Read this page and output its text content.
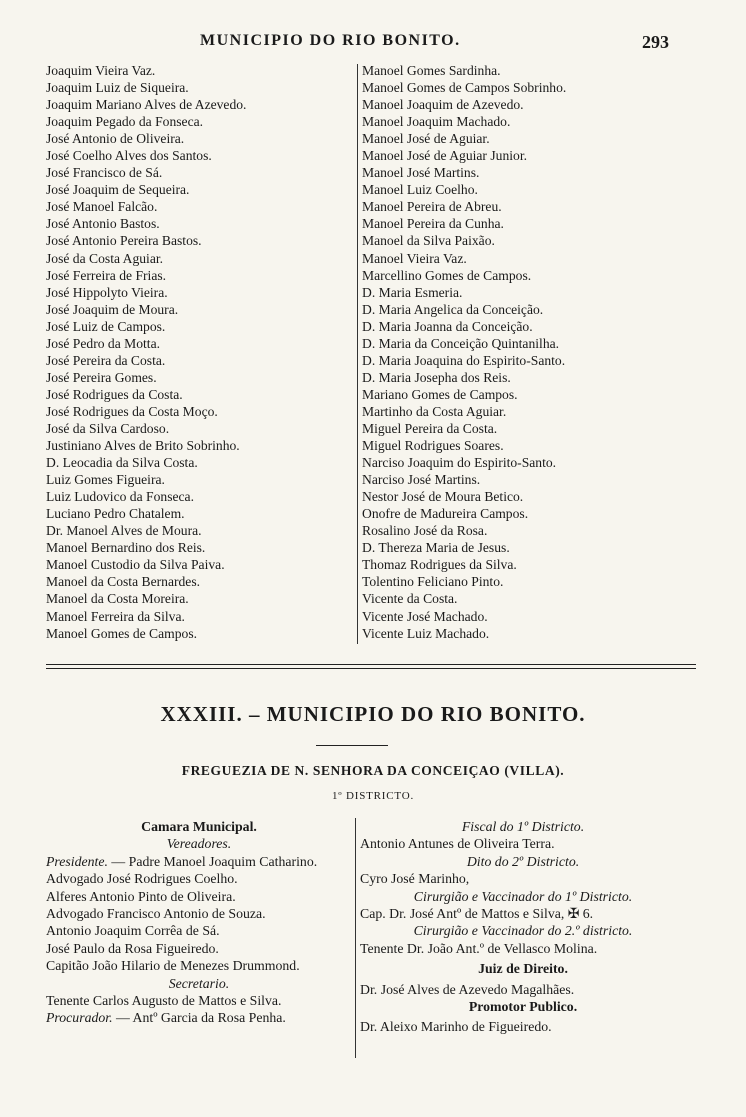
MUNICIPIO DO RIO BONITO.	293
Joaquim Vieira Vaz.
Joaquim Luiz de Siqueira.
Joaquim Mariano Alves de Azevedo.
Joaquim Pegado da Fonseca.
José Antonio de Oliveira.
José Coelho Alves dos Santos.
José Francisco de Sá.
José Joaquim de Sequeira.
José Manoel Falcão.
José Antonio Bastos.
José Antonio Pereira Bastos.
José da Costa Aguiar.
José Ferreira de Frias.
José Hippolyto Vieira.
José Joaquim de Moura.
José Luiz de Campos.
José Pedro da Motta.
José Pereira da Costa.
José Pereira Gomes.
José Rodrigues da Costa.
José Rodrigues da Costa Moço.
José da Silva Cardoso.
Justiniano Alves de Brito Sobrinho.
D. Leocadia da Silva Costa.
Luiz Gomes Figueira.
Luiz Ludovico da Fonseca.
Luciano Pedro Chatalem.
Dr. Manoel Alves de Moura.
Manoel Bernardino dos Reis.
Manoel Custodio da Silva Paiva.
Manoel da Costa Bernardes.
Manoel da Costa Moreira.
Manoel Ferreira da Silva.
Manoel Gomes de Campos.
Manoel Gomes Sardinha.
Manoel Gomes de Campos Sobrinho.
Manoel Joaquim de Azevedo.
Manoel Joaquim Machado.
Manoel José de Aguiar.
Manoel José de Aguiar Junior.
Manoel José Martins.
Manoel Luiz Coelho.
Manoel Pereira de Abreu.
Manoel Pereira da Cunha.
Manoel da Silva Paixão.
Manoel Vieira Vaz.
Marcellino Gomes de Campos.
D. Maria Esmeria.
D. Maria Angelica da Conceição.
D. Maria Joanna da Conceição.
D. Maria da Conceição Quintanilha.
D. Maria Joaquina do Espirito-Santo.
D. Maria Josepha dos Reis.
Mariano Gomes de Campos.
Martinho da Costa Aguiar.
Miguel Pereira da Costa.
Miguel Rodrigues Soares.
Narciso Joaquim do Espirito-Santo.
Narciso José Martins.
Nestor José de Moura Betico.
Onofre de Madureira Campos.
Rosalino José da Rosa.
D. Thereza Maria de Jesus.
Thomaz Rodrigues da Silva.
Tolentino Feliciano Pinto.
Vicente da Costa.
Vicente José Machado.
Vicente Luiz Machado.
XXXIII. – MUNICIPIO DO RIO BONITO.
FREGUEZIA DE N. SENHORA DA CONCEIÇAO (VILLA).
1º DISTRICTO.
Camara Municipal.
Vereadores.
Presidente. — Padre Manoel Joaquim Catharino.
Advogado José Rodrigues Coelho.
Alferes Antonio Pinto de Oliveira.
Advogado Francisco Antonio de Souza.
Antonio Joaquim Corrêa de Sá.
José Paulo da Rosa Figueiredo.
Capitão João Hilario de Menezes Drummond.
Secretario.
Tenente Carlos Augusto de Mattos e Silva.
Procurador. — Antº Garcia da Rosa Penha.
Fiscal do 1º Districto.
Antonio Antunes de Oliveira Terra.
Dito do 2º Districto.
Cyro José Marinho,
Cirurgião e Vaccinador do 1º Districto.
Cap. Dr. José Antº de Mattos e Silva, ✠ 6.
Cirurgião e Vaccinador do 2.º districto.
Tenente Dr. João Ant.º de Vellasco Molina.
Juiz de Direito.
Dr. José Alves de Azevedo Magalhães.
Promotor Publico.
Dr. Aleixo Marinho de Figueiredo.
